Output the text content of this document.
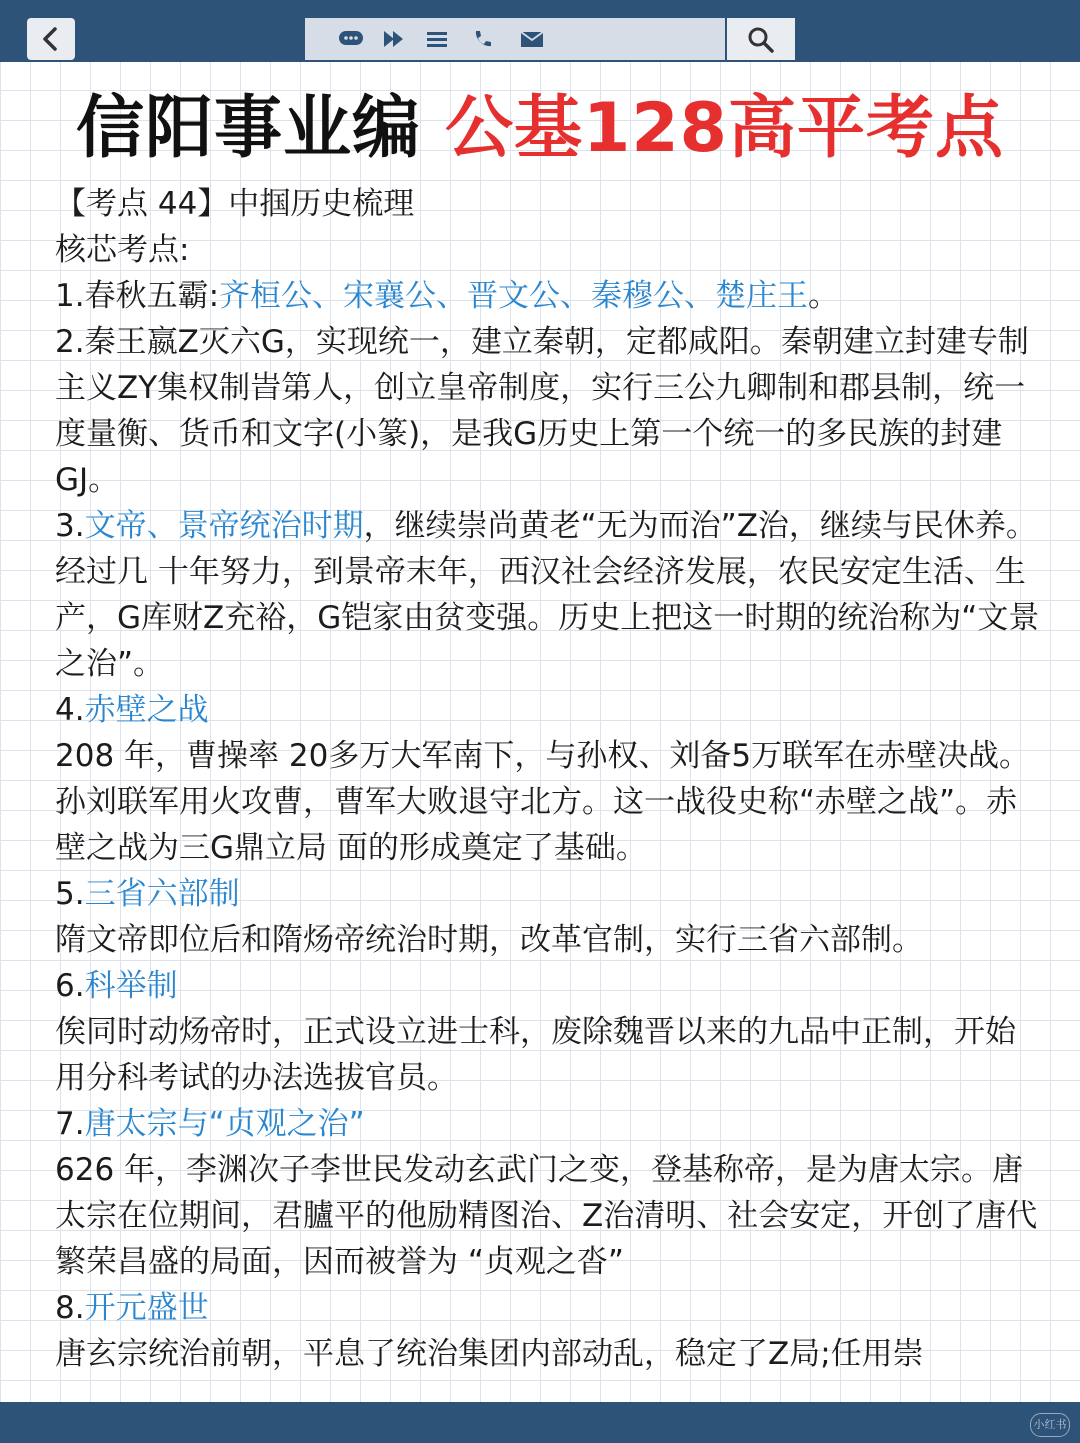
信阳事业编 公基128高平考点

【考点 44】中掴历史梳理

核芯考点:

1.春秋五霸:齐桓公、宋襄公、晋文公、秦穆公、楚庄王。

2.秦王嬴Z灭六G，实现统一，建立秦朝，定都咸阳。秦朝建立封建专制主义ZY集权制旹第人，创立皇帝制度，实行三公九卿制和郡县制，统一度量衡、货币和文字(小篆)，是我G历史上第一个统一的多民族的封建GJ。

3.文帝、景帝统治时期，继续崇尚黄老“无为而治”Z治，继续与民休养。经过几 十年努力，到景帝末年，西汉社会经济发展，农民安定生活、生产，G库财Z充裕，G铠家由贫变强。历史上把这一时期的统治称为“文景之治”。

4.赤壁之战

208 年，曹操率 20多万大军南下，与孙权、刘备5万联军在赤壁决战。孙刘联军用火攻曹，曹军大败退守北方。这一战役史称“赤壁之战”。赤壁之战为三G鼎立局 面的形成奠定了基础。

5.三省六部制

隋文帝即位后和隋炀帝统治时期，改革官制，实行三省六部制。

6.科举制

俟同时动炀帝时，正式设立进士科，废除魏晋以来的九品中正制，开始用分科考试的办法选拔官员。

7.唐太宗与“贞观之治”

626 年，李渊次子李世民发动玄武门之变，登基称帝，是为唐太宗。唐太宗在位期间，君臚平的他励精图治、Z治清明、社会安定，开创了唐代繁荣昌盛的局面，因而被誉为 “贞观之沓”

8.开元盛世

唐玄宗统治前朝，平息了统治集团内部动乱，稳定了Z局;任用崇

小红书
